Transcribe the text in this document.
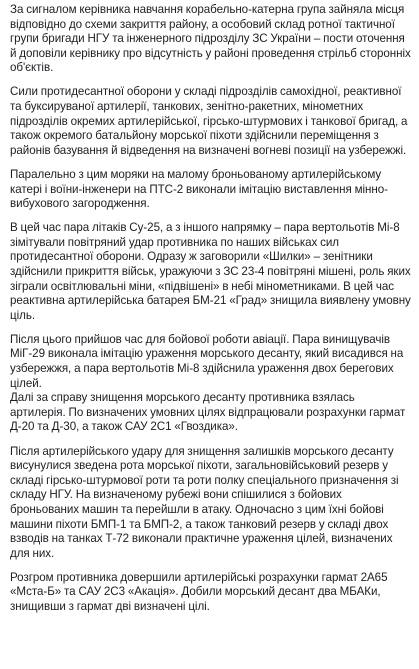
За сигналом керівника навчання корабельно-катерна група зайняла місця відповідно до схеми закриття району, а особовий склад ротної тактичної групи бригади НГУ та інженерного підрозділу ЗС України – пости оточення й доповіли керівнику про відсутність у районі проведення стрільб сторонніх об'єктів.

Сили протидесантної оборони у складі підрозділів самохідної, реактивної та буксируваної артилерії, танкових, зенітно-ракетних, мінометних підрозділів окремих артилерійської, гірсько-штурмових і танкової бригад, а також окремого батальйону морської піхоти здійснили переміщення з районів базування й відведення на визначені вогневі позиції на узбережжі.

Паралельно з цим моряки на малому броньованому артилерійському катері і воїни-інженери на ПТС-2 виконали імітацію виставлення мінно-вибухового загородження.

В цей час пара літаків Су-25, а з іншого напрямку – пара вертольотів Мі-8 зімітували повітряний удар противника по наших військах сил протидесантної оборони. Одразу ж заговорили «Шилки» – зенітники здійснили прикриття військ, уражуючи з ЗС 23-4 повітряні мішені, роль яких зіграли освітлювальні міни, «підвішені» в небі мінометниками. В цей час реактивна артилерійська батарея БМ-21 «Град» знищила виявлену умовну ціль.

Після цього прийшов час для бойової роботи авіації. Пара винищувачів МіГ-29 виконала імітацію ураження морського десанту, який висадився на узбережжя, а пара вертольотів Мі-8 здійснила ураження двох берегових цілей.
Далі за справу знищення морського десанту противника взялась артилерія. По визначених умовних цілях відпрацювали розрахунки гармат Д-20 та Д-30, а також САУ 2С1 «Гвоздика».

Після артилерійського удару для знищення залишків морського десанту висунулися зведена рота морської піхоти, загальновійськовий резерв у складі гірсько-штурмової роти та роти полку спеціального призначення зі складу НГУ. На визначеному рубежі вони спішилися з бойових броньованих машин та перейшли в атаку. Одночасно з цим їхні бойові машини піхоти БМП-1 та БМП-2, а також танковий резерв у складі двох взводів на танках Т-72 виконали практичне ураження цілей, визначених для них.

Розгром противника довершили артилерійські розрахунки гармат 2А65 «Мста-Б» та САУ 2С3 «Акація». Добили морський десант два МБАКи, знищивши з гармат дві визначені цілі.
